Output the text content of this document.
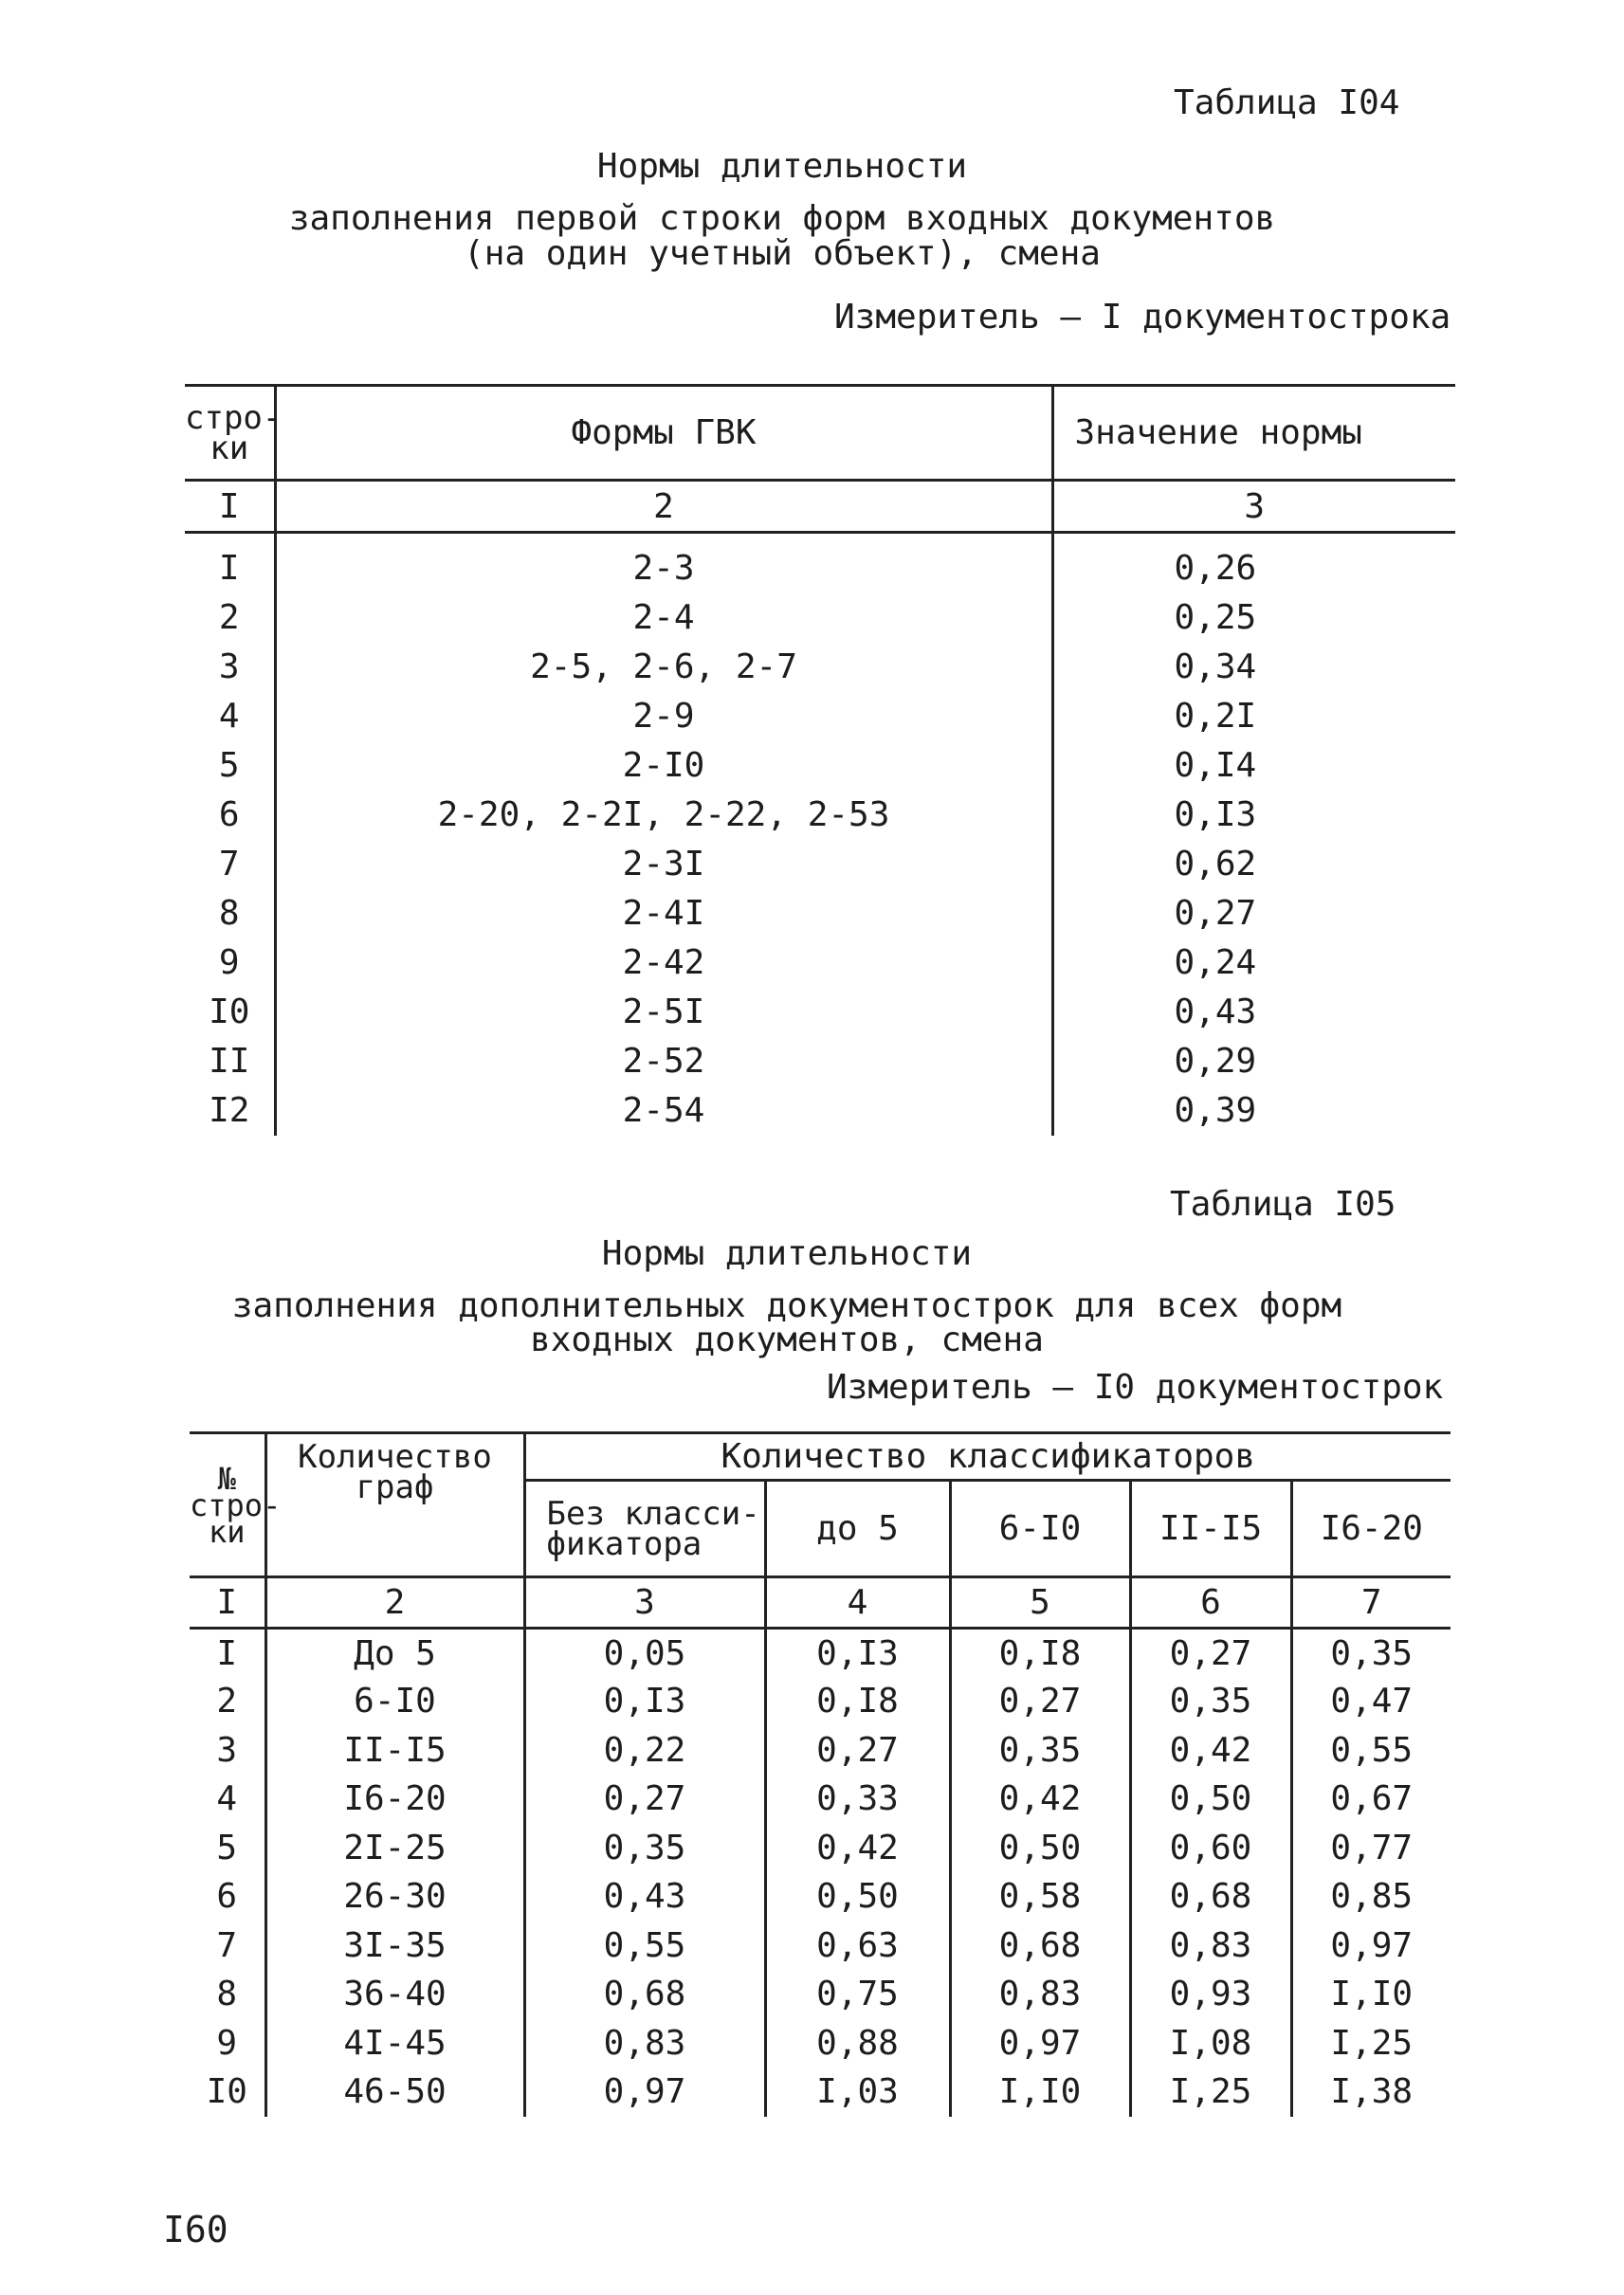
Таблица I04
Нормы длительности
заполнения первой строки форм входных документов
(на один учетный объект), смена
Измеритель – I документострока
стро-
ки	Формы ГВК	Значение нормы
I	2	3

I	2-3	0,26
2	2-4	0,25
3	2-5, 2-6, 2-7	0,34
4	2-9	0,2I
5	2-I0	0,I4
6	2-20, 2-2I, 2-22, 2-53	0,I3
7	2-3I	0,62
8	2-4I	0,27
9	2-42	0,24
I0	2-5I	0,43
II	2-52	0,29
I2	2-54	0,39
Таблица I05
Нормы длительности
заполнения дополнительных документострок для всех форм
входных документов, смена
Измеритель – I0 документострок
№
стро-
ки	Количество
граф	Количество классификаторов				
		Без класси-
фикатора	до 5	6-I0	II-I5	I6-20
I	2	3	4	5	6	7
I	До 5	0,05	0,I3	0,I8	0,27	0,35
2	6-I0	0,I3	0,I8	0,27	0,35	0,47
3	II-I5	0,22	0,27	0,35	0,42	0,55
4	I6-20	0,27	0,33	0,42	0,50	0,67
5	2I-25	0,35	0,42	0,50	0,60	0,77
6	26-30	0,43	0,50	0,58	0,68	0,85
7	3I-35	0,55	0,63	0,68	0,83	0,97
8	36-40	0,68	0,75	0,83	0,93	I,I0
9	4I-45	0,83	0,88	0,97	I,08	I,25
I0	46-50	0,97	I,03	I,I0	I,25	I,38
I60
